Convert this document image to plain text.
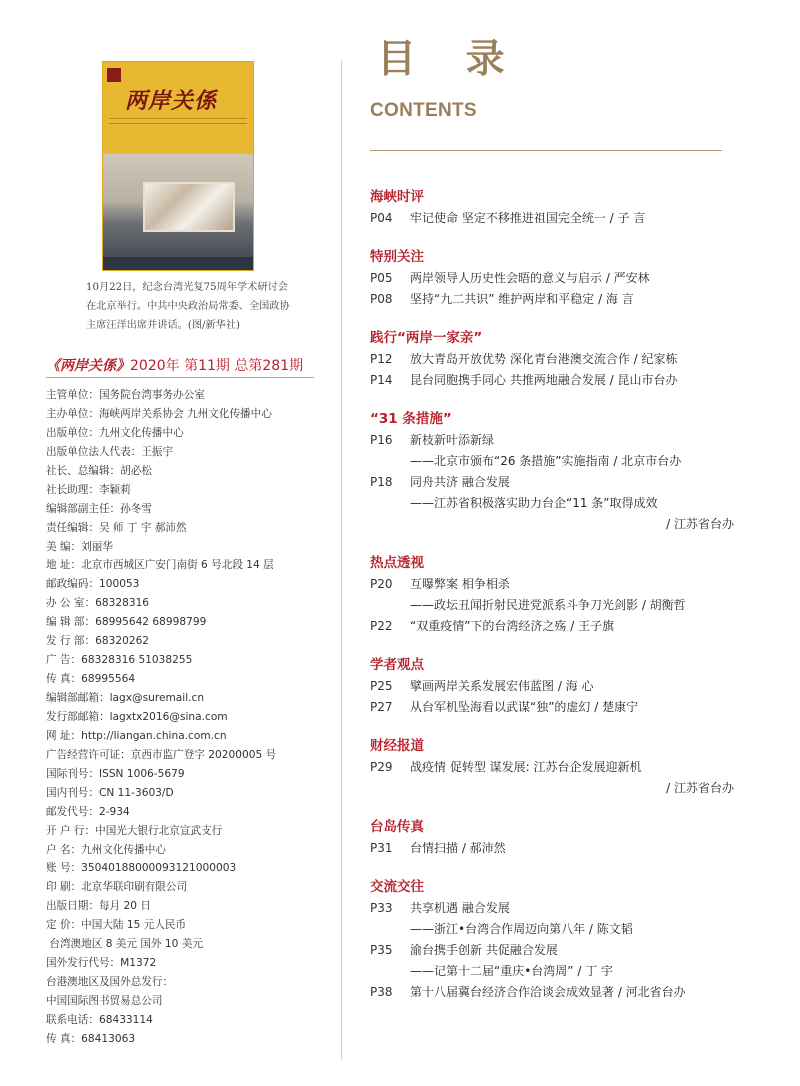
两岸关係
10月22日，纪念台湾光复75周年学术研讨会在北京举行。中共中央政治局常委、全国政协主席汪洋出席并讲话。(图/新华社)
《两岸关係》2020年 第11期 总第281期
主管单位：国务院台湾事务办公室
主办单位：海峡两岸关系协会 九州文化传播中心
出版单位：九州文化传播中心
出版单位法人代表：王振宇
社长、总编辑：胡必松
社长助理：李颖莉
编辑部副主任：孙冬雪
责任编辑：吴 师 丁 宇 郝沛然
美 编：刘丽华
地 址：北京市西城区广安门南街 6 号北段 14 层
邮政编码：100053
办 公 室：68328316
编 辑 部：68995642 68998799
发 行 部：68320262
广 告：68328316 51038255
传 真：68995564
编辑部邮箱：lagx@suremail.cn
发行部邮箱：lagxtx2016@sina.com
网 址：http://liangan.china.com.cn
广告经营许可证：京西市监广登字 20200005 号
国际刊号：ISSN 1006-5679
国内刊号：CN 11-3603/D
邮发代号：2-934
开 户 行：中国光大银行北京宣武支行
户 名：九州文化传播中心
账 号：35040188000093121000003
印 刷：北京华联印刷有限公司
出版日期：每月 20 日
定 价：中国大陆 15 元人民币
台湾澳地区 8 美元 国外 10 美元
国外发行代号：M1372
台港澳地区及国外总发行：
中国国际图书贸易总公司
联系电话：68433114
传 真：68413063
目 录
CONTENTS
海峡时评
P04 牢记使命 坚定不移推进祖国完全统一 / 子 言
特别关注
P05 两岸领导人历史性会晤的意义与启示 / 严安林
P08 坚持“九二共识” 维护两岸和平稳定 / 海 言
践行“两岸一家亲”
P12 放大青岛开放优势 深化青台港澳交流合作 / 纪家栋
P14 昆台同胞携手同心 共推两地融合发展 / 昆山市台办
“31 条措施”
P16 新枝新叶添新绿
——北京市颁布“26 条措施”实施指南 / 北京市台办
P18 同舟共济 融合发展
——江苏省积极落实助力台企“11 条”取得成效
/ 江苏省台办
热点透视
P20 互曝弊案 相争相杀
——政坛丑闻折射民进党派系斗争刀光剑影 / 胡衡哲
P22 “双重疫情”下的台湾经济之殇 / 王子旗
学者观点
P25 擘画两岸关系发展宏伟蓝图 / 海 心
P27 从台军机坠海看以武谋“独”的虚幻 / 楚康宁
财经报道
P29 战疫情 促转型 谋发展: 江苏台企发展迎新机
/ 江苏省台办
台岛传真
P31 台情扫描 / 郝沛然
交流交往
P33 共享机遇 融合发展
——浙江•台湾合作周迈向第八年 / 陈文韬
P35 渝台携手创新 共促融合发展
——记第十二届“重庆•台湾周” / 丁 宇
P38 第十八届冀台经济合作洽谈会成效显著 / 河北省台办
